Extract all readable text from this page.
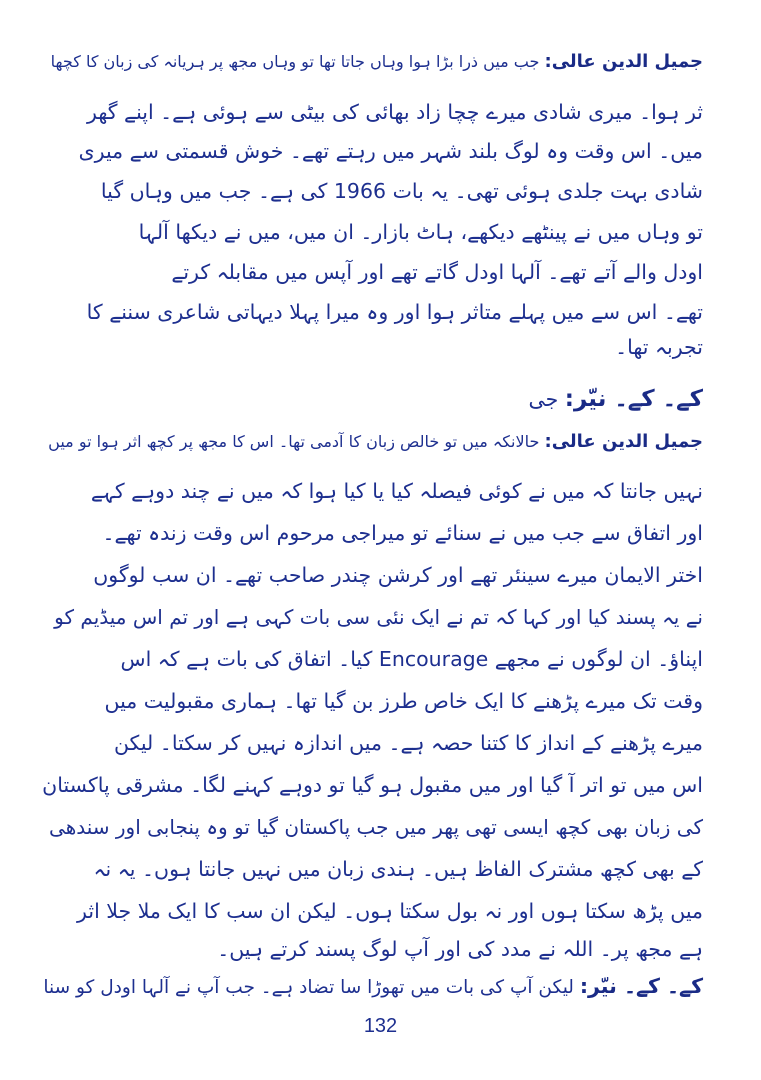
جمیل الدین عالی: جب میں ذرا بڑا ہوا وہاں جاتا تھا تو وہاں مجھ پر ہریانہ کی زبان کا کچھا
ثر ہوا۔ میری شادی میرے چچا زاد بھائی کی بیٹی سے ہوئی ہے۔ اپنے گھر
میں۔ اس وقت وہ لوگ بلند شہر میں رہتے تھے۔ خوش قسمتی سے میری
شادی بہت جلدی ہوئی تھی۔ یہ بات 1966 کی ہے۔ جب میں وہاں گیا
تو وہاں میں نے پینٹھے دیکھے، ہاٹ بازار۔ ان میں، میں نے دیکھا آلہا
اودل والے آتے تھے۔ آلہا اودل گاتے تھے اور آپس میں مقابلہ کرتے
تھے۔ اس سے میں پہلے متاثر ہوا اور وہ میرا پہلا دیہاتی شاعری سننے کا
تجربہ تھا۔
کے۔ کے۔ نیّر: جی
جمیل الدین عالی: حالانکہ میں تو خالص زبان کا آدمی تھا۔ اس کا مجھ پر کچھ اثر ہوا تو میں
نہیں جانتا کہ میں نے کوئی فیصلہ کیا یا کیا ہوا کہ میں نے چند دوہے کہے
اور اتفاق سے جب میں نے سنائے تو میراجی مرحوم اس وقت زندہ تھے۔
اختر الایمان میرے سینئر تھے اور کرشن چندر صاحب تھے۔ ان سب لوگوں
نے یہ پسند کیا اور کہا کہ تم نے ایک نئی سی بات کہی ہے اور تم اس میڈیم کو
اپناؤ۔ ان لوگوں نے مجھے Encourage کیا۔ اتفاق کی بات ہے کہ اس
وقت تک میرے پڑھنے کا ایک خاص طرز بن گیا تھا۔ ہماری مقبولیت میں
میرے پڑھنے کے انداز کا کتنا حصہ ہے۔ میں اندازہ نہیں کر سکتا۔ لیکن
اس میں تو اتر آ گیا اور میں مقبول ہو گیا تو دوہے کہنے لگا۔ مشرقی پاکستان
کی زبان بھی کچھ ایسی تھی پھر میں جب پاکستان گیا تو وہ پنجابی اور سندھی
کے بھی کچھ مشترک الفاظ ہیں۔ ہندی زبان میں نہیں جانتا ہوں۔ یہ نہ
میں پڑھ سکتا ہوں اور نہ بول سکتا ہوں۔ لیکن ان سب کا ایک ملا جلا اثر
ہے مجھ پر۔ اللہ نے مدد کی اور آپ لوگ پسند کرتے ہیں۔
کے۔ کے۔ نیّر: لیکن آپ کی بات میں تھوڑا سا تضاد ہے۔ جب آپ نے آلہا اودل کو سنا
132
